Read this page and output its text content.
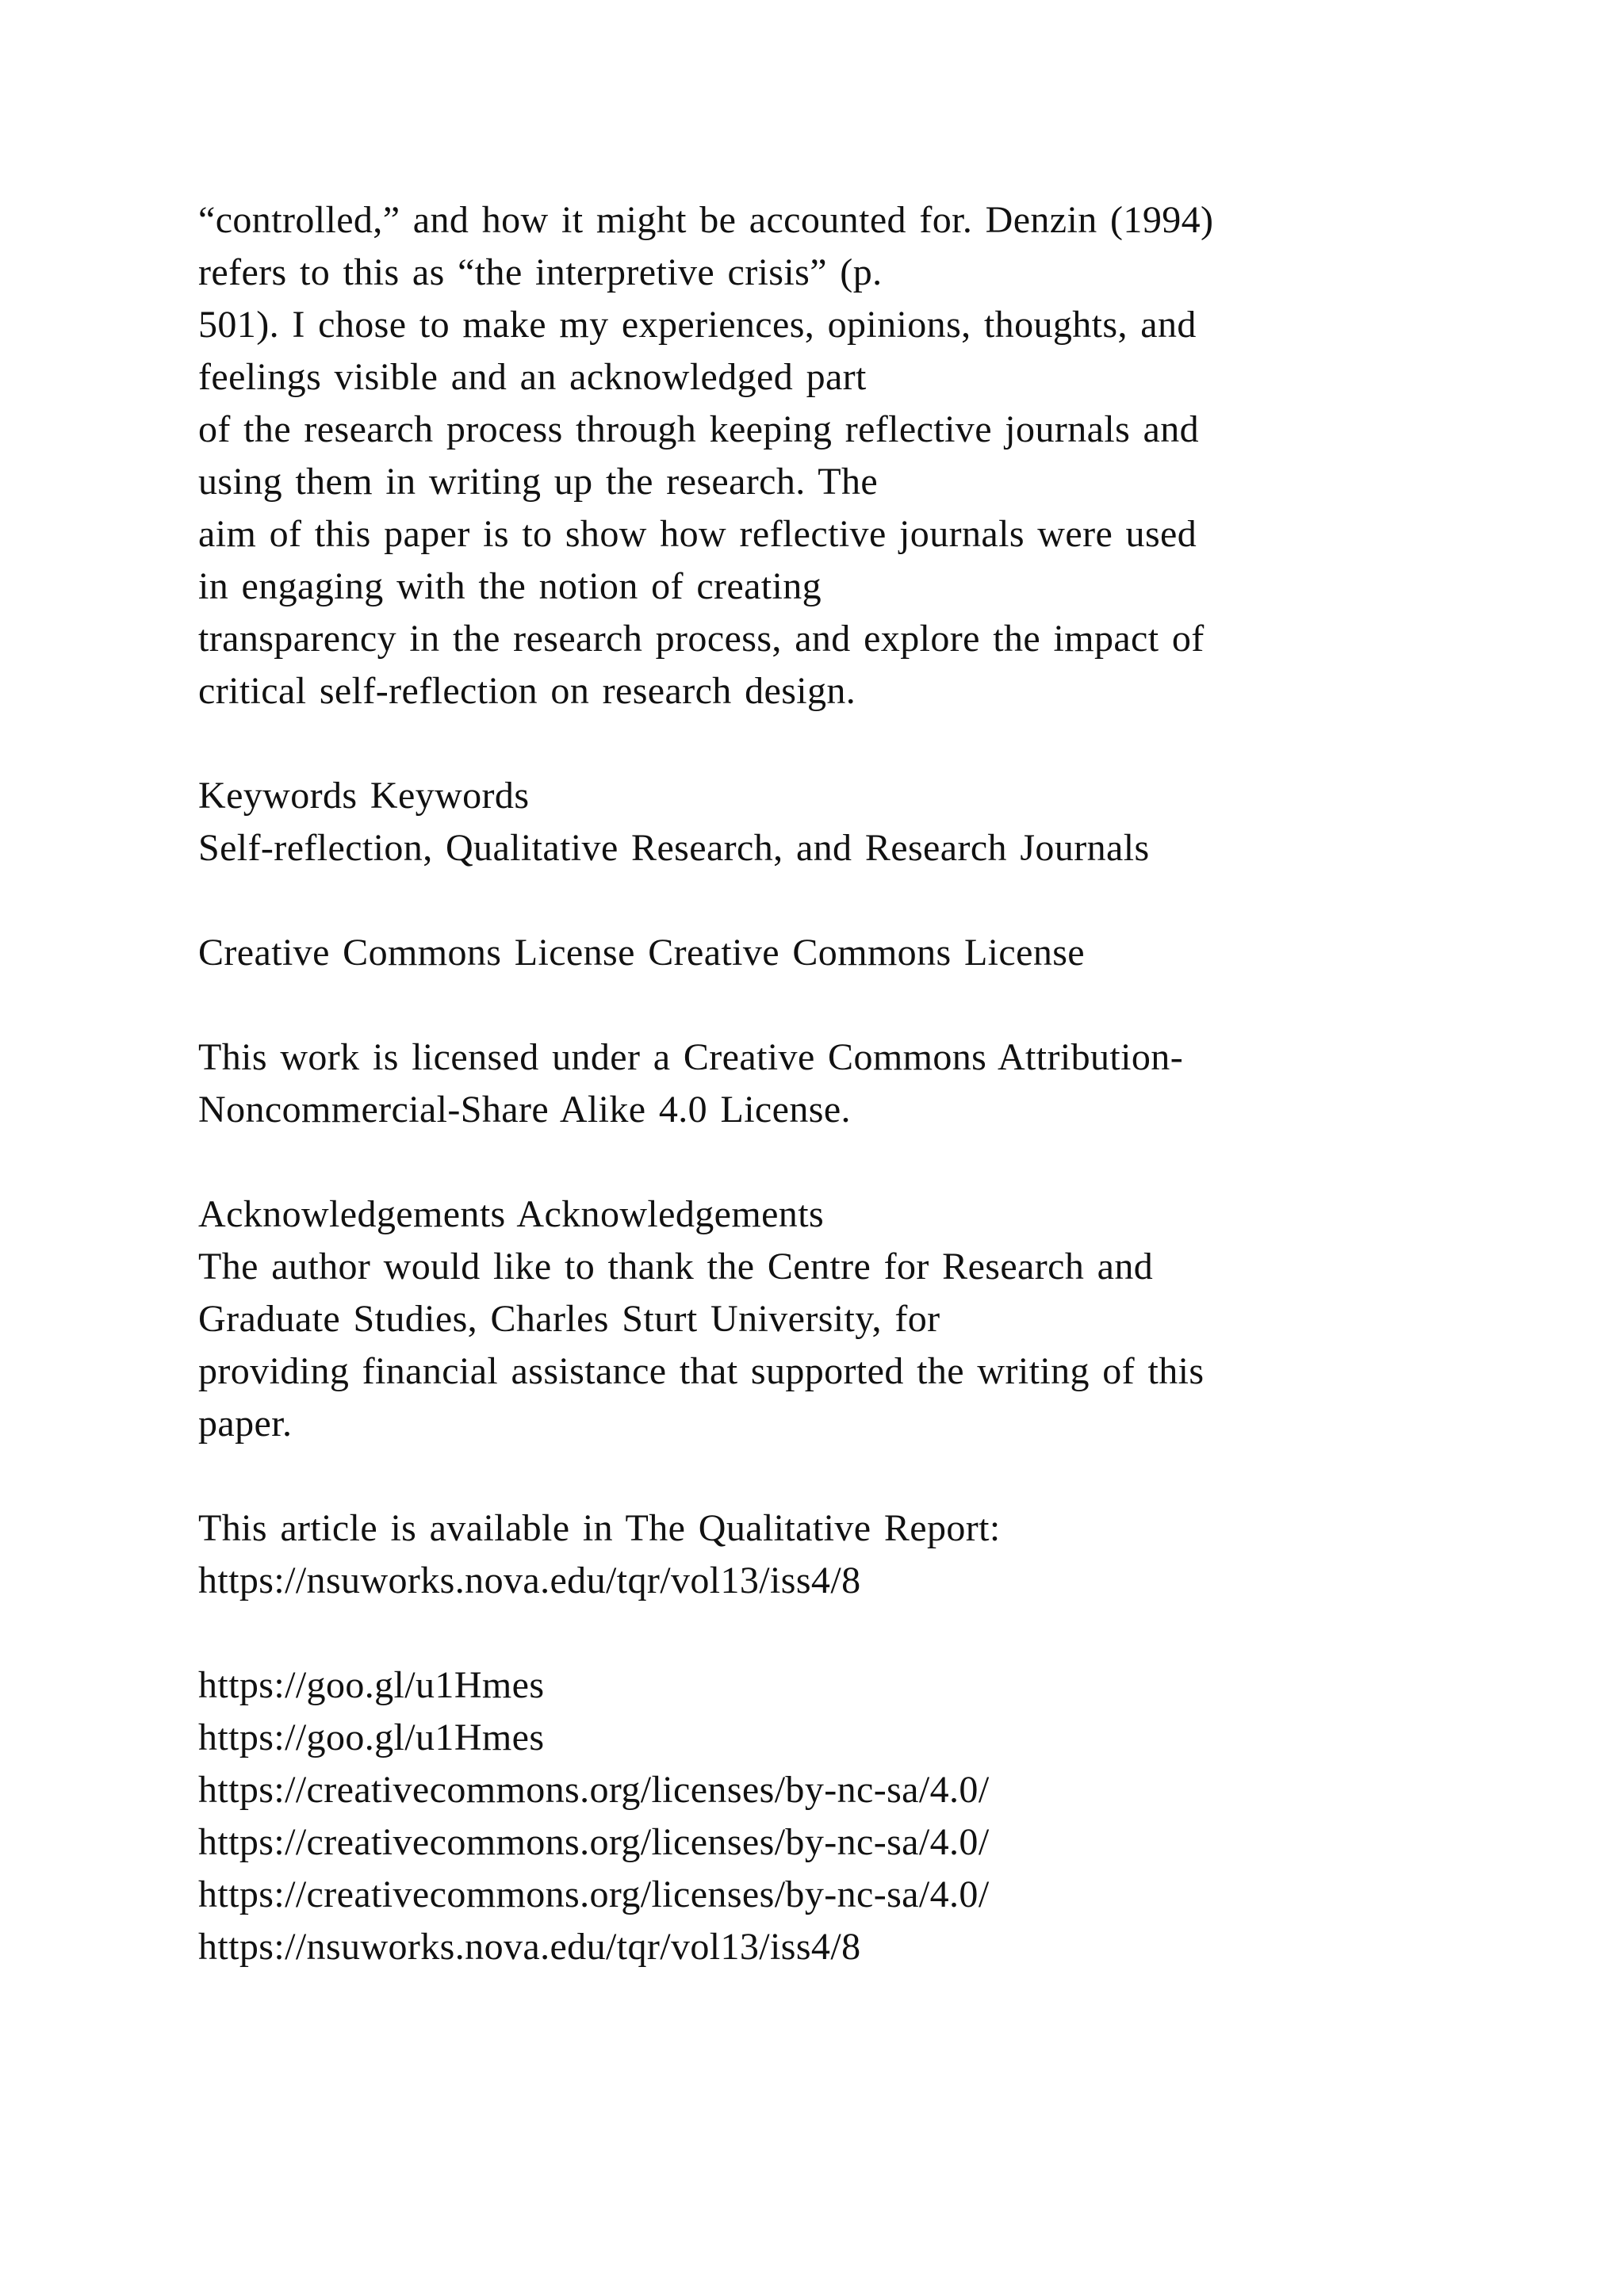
“controlled,” and how it might be accounted for. Denzin (1994)
refers to this as “the interpretive crisis” (p.
501). I chose to make my experiences, opinions, thoughts, and
feelings visible and an acknowledged part
of the research process through keeping reflective journals and
using them in writing up the research. The
aim of this paper is to show how reflective journals were used
in engaging with the notion of creating
transparency in the research process, and explore the impact of
critical self-reflection on research design.
Keywords Keywords
Self-reflection, Qualitative Research, and Research Journals
Creative Commons License Creative Commons License
This work is licensed under a Creative Commons Attribution-
Noncommercial-Share Alike 4.0 License.
Acknowledgements Acknowledgements
The author would like to thank the Centre for Research and
Graduate Studies, Charles Sturt University, for
providing financial assistance that supported the writing of this
paper.
This article is available in The Qualitative Report:
https://nsuworks.nova.edu/tqr/vol13/iss4/8
https://goo.gl/u1Hmes
https://goo.gl/u1Hmes
https://creativecommons.org/licenses/by-nc-sa/4.0/
https://creativecommons.org/licenses/by-nc-sa/4.0/
https://creativecommons.org/licenses/by-nc-sa/4.0/
https://nsuworks.nova.edu/tqr/vol13/iss4/8
